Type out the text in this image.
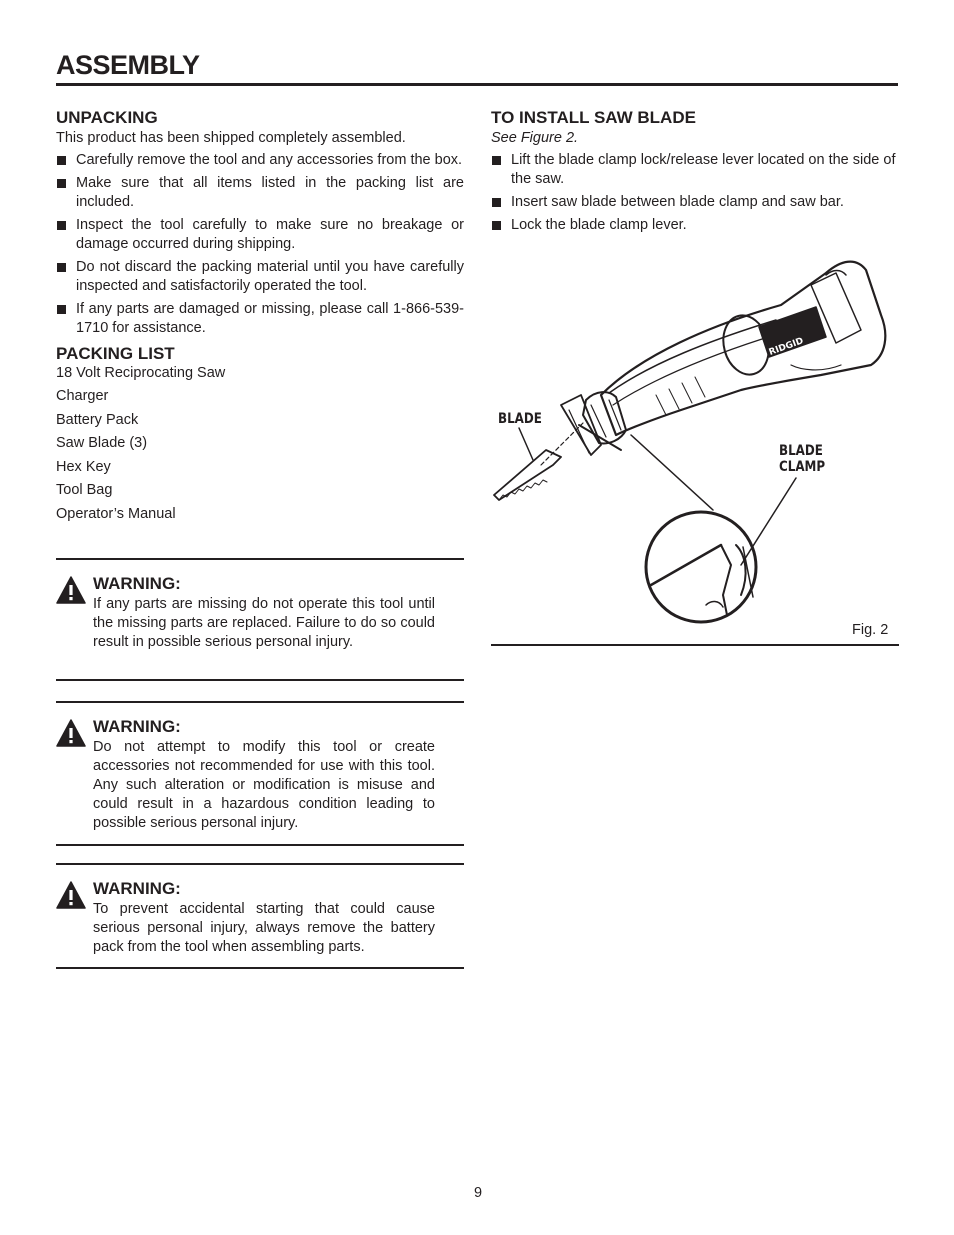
ASSEMBLY
UNPACKING

This product has been shipped completely assembled.

Carefully remove the tool and any accessories from the box.
Make sure that all items listed in the packing list are included.
Inspect the tool carefully to make sure no breakage or damage occurred during shipping.
Do not discard the packing material until you have carefully inspected and satisfactorily operated the tool.
If any parts are damaged or missing, please call 1-866-539-1710 for assistance.
PACKING LIST
18 Volt Reciprocating Saw
Charger
Battery Pack
Saw Blade (3)
Hex Key
Tool Bag
Operator’s Manual
WARNING:
If any parts are missing do not operate this tool until the missing parts are replaced. Failure to do so could result in possible serious personal injury.
WARNING:
Do not attempt to modify this tool or create accessories not recommended for use with this tool. Any such alteration or modification is misuse and could result in a hazardous condition leading to possible serious personal injury.
WARNING:
To prevent accidental starting that could cause serious personal injury, always remove the battery pack from the tool when assembling parts.
TO INSTALL SAW BLADE

See Figure 2.

Lift the blade clamp lock/release lever located on the side of the saw.
Insert saw blade between blade clamp and saw bar.
Lock the blade clamp lever.
RIDGID
BLADE
BLADE
CLAMP
Fig. 2
9
